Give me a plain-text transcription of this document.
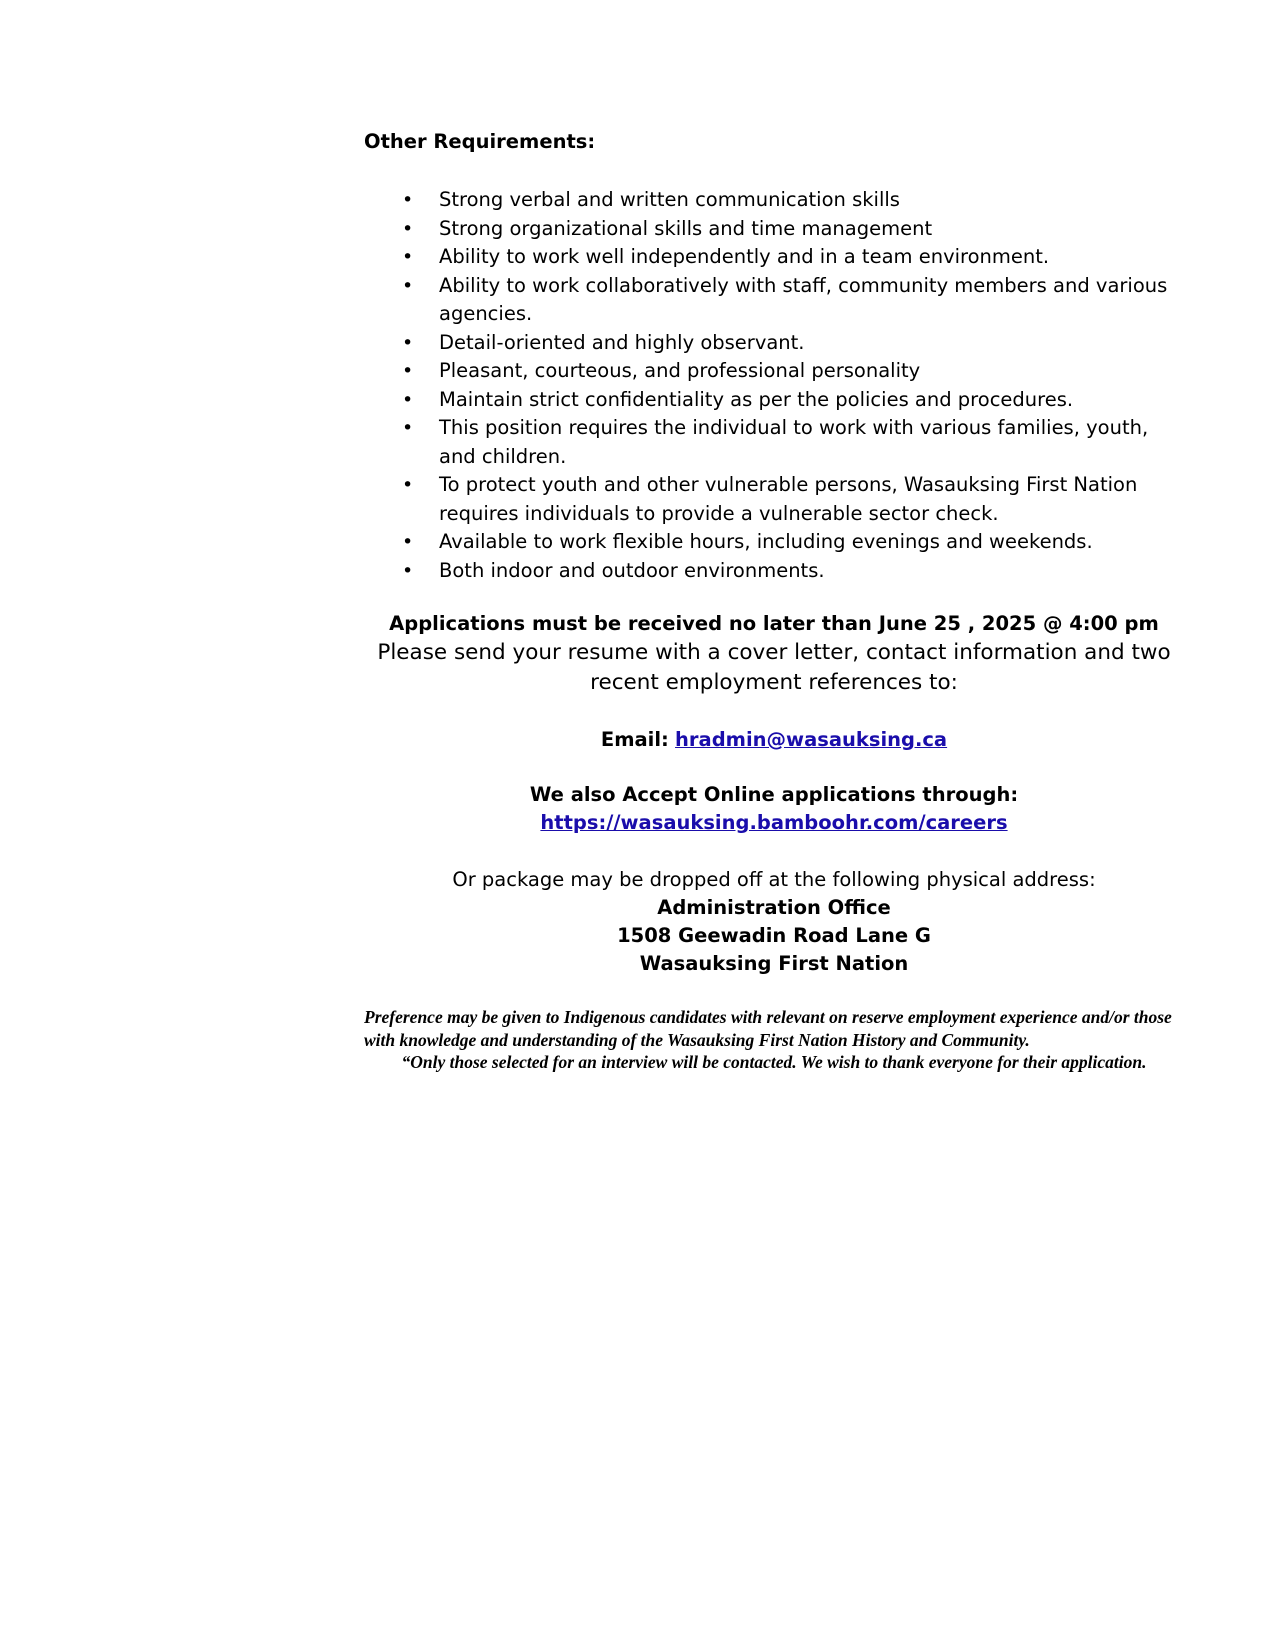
Other Requirements:

• Strong verbal and written communication skills
• Strong organizational skills and time management
• Ability to work well independently and in a team environment.
• Ability to work collaboratively with staff, community members and various agencies.
• Detail-oriented and highly observant.
• Pleasant, courteous, and professional personality
• Maintain strict confidentiality as per the policies and procedures.
• This position requires the individual to work with various families, youth, and children.
• To protect youth and other vulnerable persons, Wasauksing First Nation requires individuals to provide a vulnerable sector check.
• Available to work flexible hours, including evenings and weekends.
• Both indoor and outdoor environments.

Applications must be received no later than June 25 , 2025 @ 4:00 pm

Please send your resume with a cover letter, contact information and two recent employment references to:

Email: hradmin@wasauksing.ca

We also Accept Online applications through:

https://wasauksing.bamboohr.com/careers

Or package may be dropped off at the following physical address:

Administration Office

1508 Geewadin Road Lane G

Wasauksing First Nation

Preference may be given to Indigenous candidates with relevant on reserve employment experience and/or those with knowledge and understanding of the Wasauksing First Nation History and Community.

“Only those selected for an interview will be contacted. We wish to thank everyone for their application.
